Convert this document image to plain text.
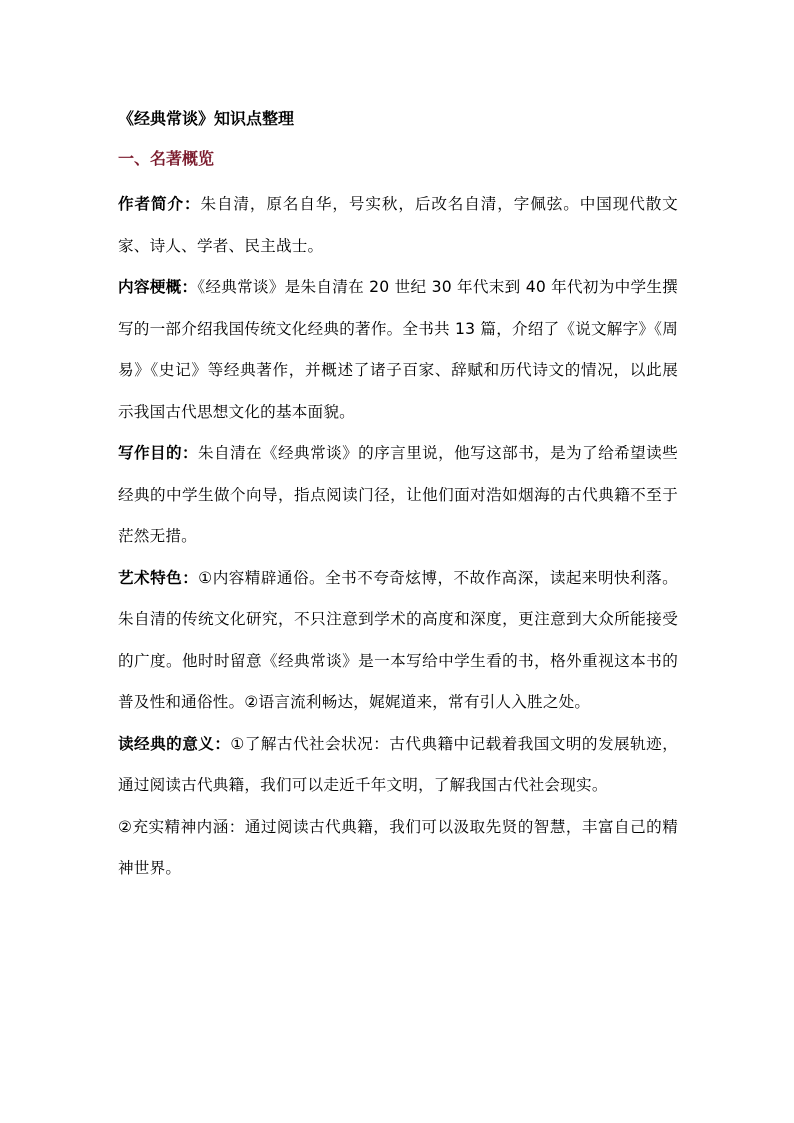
《经典常谈》知识点整理
一、名著概览

作者简介：朱自清，原名自华，号实秋，后改名自清，字佩弦。中国现代散文家、诗人、学者、民主战士。

内容梗概：《经典常谈》是朱自清在 20 世纪 30 年代末到 40 年代初为中学生撰写的一部介绍我国传统文化经典的著作。全书共 13 篇，介绍了《说文解字》《周易》《史记》等经典著作，并概述了诸子百家、辞赋和历代诗文的情况，以此展示我国古代思想文化的基本面貌。

写作目的：朱自清在《经典常谈》的序言里说，他写这部书，是为了给希望读些经典的中学生做个向导，指点阅读门径，让他们面对浩如烟海的古代典籍不至于茫然无措。

艺术特色：①内容精辟通俗。全书不夸奇炫博，不故作高深，读起来明快利落。朱自清的传统文化研究，不只注意到学术的高度和深度，更注意到大众所能接受的广度。他时时留意《经典常谈》是一本写给中学生看的书，格外重视这本书的普及性和通俗性。②语言流利畅达，娓娓道来，常有引人入胜之处。

读经典的意义：①了解古代社会状况：古代典籍中记载着我国文明的发展轨迹，通过阅读古代典籍，我们可以走近千年文明，了解我国古代社会现实。

②充实精神内涵：通过阅读古代典籍，我们可以汲取先贤的智慧，丰富自己的精神世界。
